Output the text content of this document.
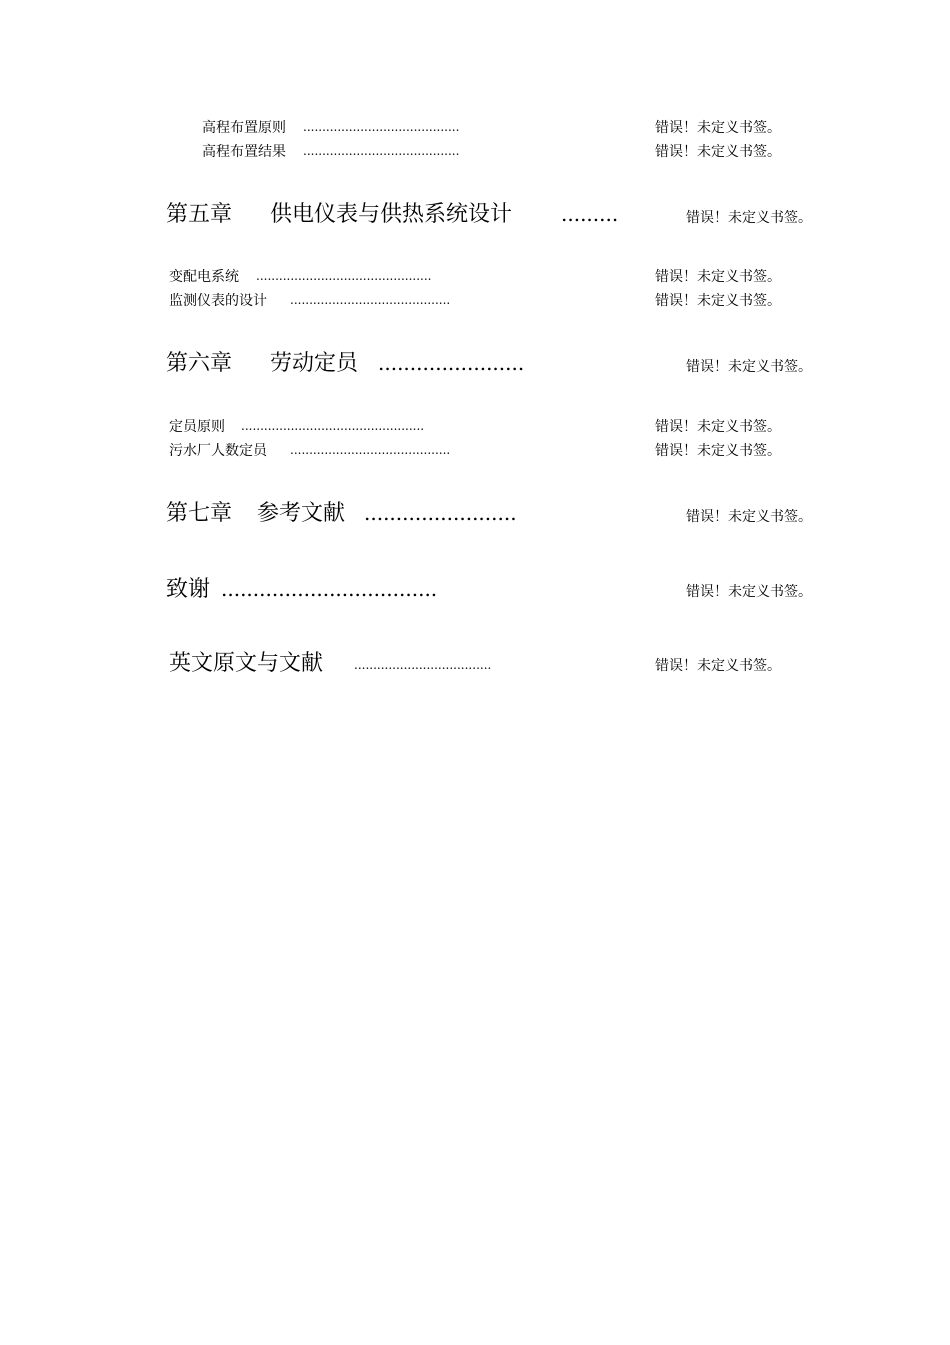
高程布置原则 .........................................	错误！未定义书签。
高程布置结果 .........................................	错误！未定义书签。
第五章 供电仪表与供热系统设计 .........	错误！未定义书签。
变配电系统 ..............................................	错误！未定义书签。
监测仪表的设计 ..........................................	错误！未定义书签。
第六章 劳动定员 .......................	错误！未定义书签。
定员原则 ................................................	错误！未定义书签。
污水厂人数定员 ..........................................	错误！未定义书签。
第七章 参考文献 ........................	错误！未定义书签。
致谢 ..................................	错误！未定义书签。
英文原文与文献	....................................	错误！未定义书签。
